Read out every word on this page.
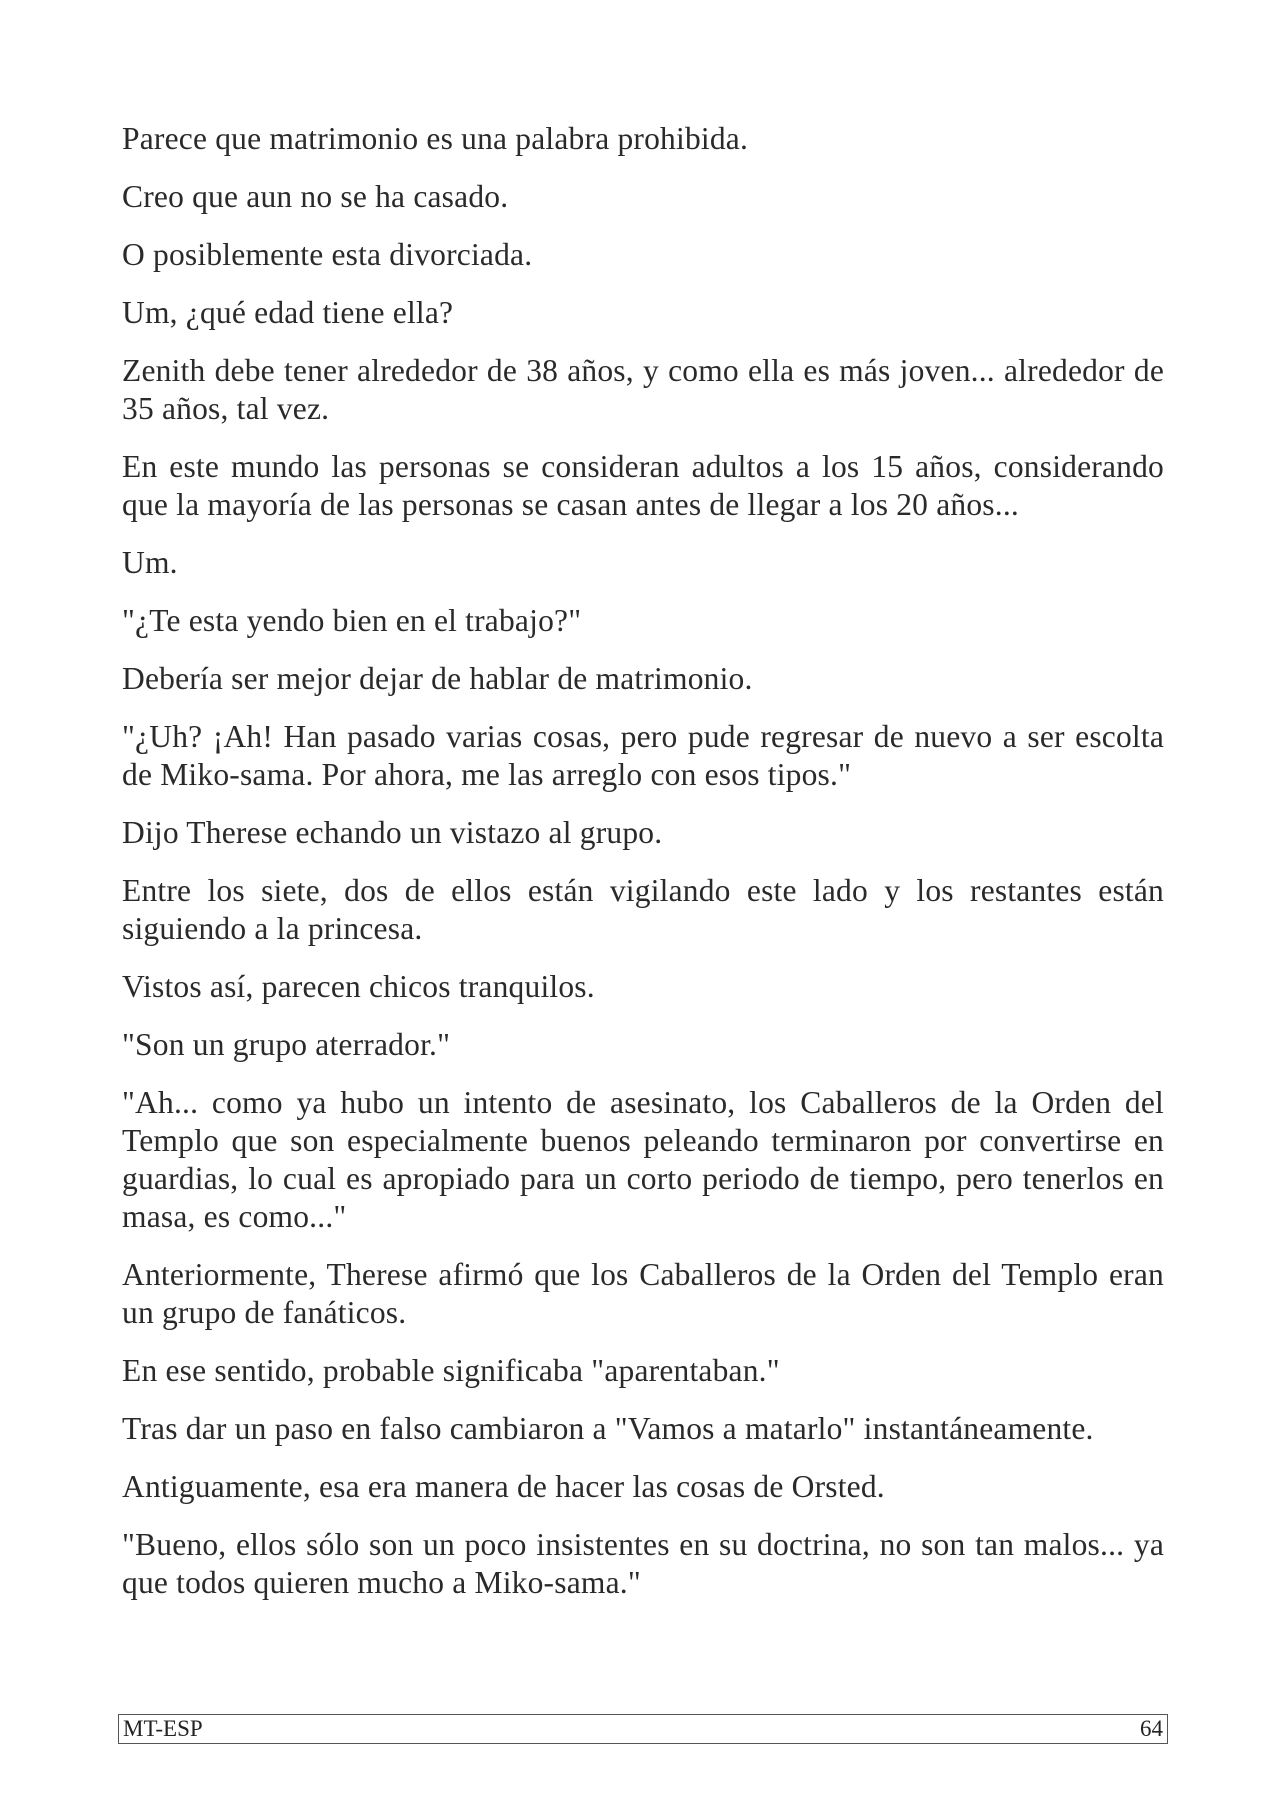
Parece que matrimonio es una palabra prohibida.

Creo que aun no se ha casado.

O posiblemente esta divorciada.

Um, ¿qué edad tiene ella?

Zenith debe tener alrededor de 38 años, y como ella es más joven... alrededor de 35 años, tal vez.

En este mundo las personas se consideran adultos a los 15 años, considerando que la mayoría de las personas se casan antes de llegar a los 20 años...

Um.

"¿Te esta yendo bien en el trabajo?"

Debería ser mejor dejar de hablar de matrimonio.

"¿Uh? ¡Ah! Han pasado varias cosas, pero pude regresar de nuevo a ser escolta de Miko-sama. Por ahora, me las arreglo con esos tipos."

Dijo Therese echando un vistazo al grupo.

Entre los siete, dos de ellos están vigilando este lado y los restantes están siguiendo a la princesa.

Vistos así, parecen chicos tranquilos.

"Son un grupo aterrador."

"Ah... como ya hubo un intento de asesinato, los Caballeros de la Orden del Templo que son especialmente buenos peleando terminaron por convertirse en guardias, lo cual es apropiado para un corto periodo de tiempo, pero tenerlos en masa, es como..."

Anteriormente, Therese afirmó que los Caballeros de la Orden del Templo eran un grupo de fanáticos.

En ese sentido, probable significaba "aparentaban."

Tras dar un paso en falso cambiaron a "Vamos a matarlo" instantáneamente.

Antiguamente, esa era manera de hacer las cosas de Orsted.

"Bueno, ellos sólo son un poco insistentes en su doctrina, no son tan malos... ya que todos quieren mucho a Miko-sama."

MT-ESP	64
